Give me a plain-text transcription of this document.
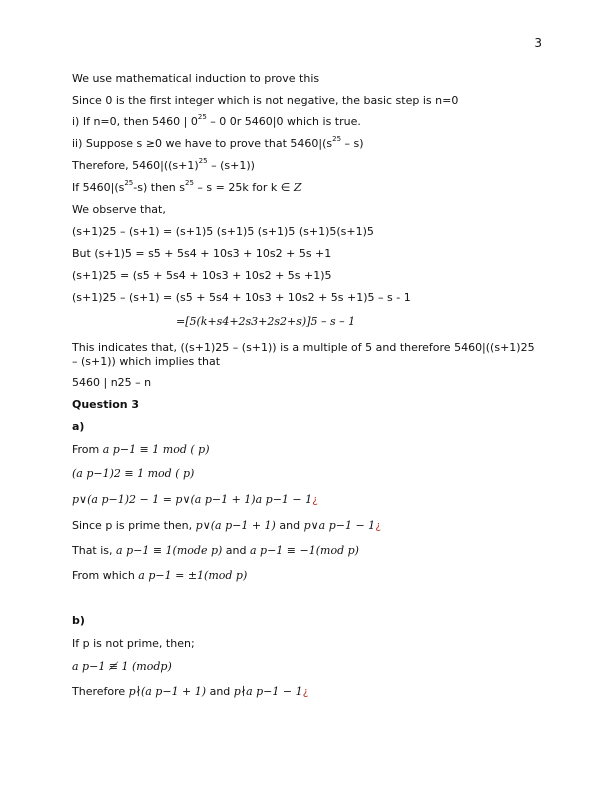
3
We use mathematical induction to prove this
Since 0 is the first integer which is not negative, the basic step is n=0
i) If n=0, then 5460 | $0^{25} - 0$ 0r 5460|0 which is true.
ii) Suppose s ≥0 we have to prove that $5460|(s^{25} - s)$
Therefore, $5460|((s+1)^{25} - (s+1))$
If $5460|(s^{25}-s)$ then $s^{25} - s = 25k$ for k ∈ Z
We observe that,
(s+1)25 – (s+1) = (s+1)5 (s+1)5 (s+1)5 (s+1)5(s+1)5
But (s+1)5 = s5 + 5s4 + 10s3 + 10s2 + 5s +1
(s+1)25 = (s5 + 5s4 + 10s3 + 10s2 + 5s +1)5
(s+1)25 – (s+1) = (s5 + 5s4 + 10s3 + 10s2 + 5s +1)5 – s - 1
=[5(k+s4+2s3+2s2+s)]5 – s – 1
This indicates that, ((s+1)25 – (s+1)) is a multiple of 5 and therefore 5460|((s+1)25 – (s+1)) which implies that
5460 | n25 – n
Question 3
a)
From a p−1 ≡ 1 mod ( p)
(a p−1)2 ≡ 1 mod ( p)
p∨(a p−1)2 − 1 = p∨(a p−1 + 1)a p−1 − 1¿
Since p is prime then, p∨(a p−1 + 1) and p∨a p−1 − 1¿
That is, a p−1 ≡ 1(mode p) and a p−1 ≡ −1(mod p)
From which a p−1 = ±1(mod p)
b)
If p is not prime, then;
a p−1 ≢ 1 (modp)
Therefore p∤(a p−1 + 1) and p∤a p−1 − 1¿
